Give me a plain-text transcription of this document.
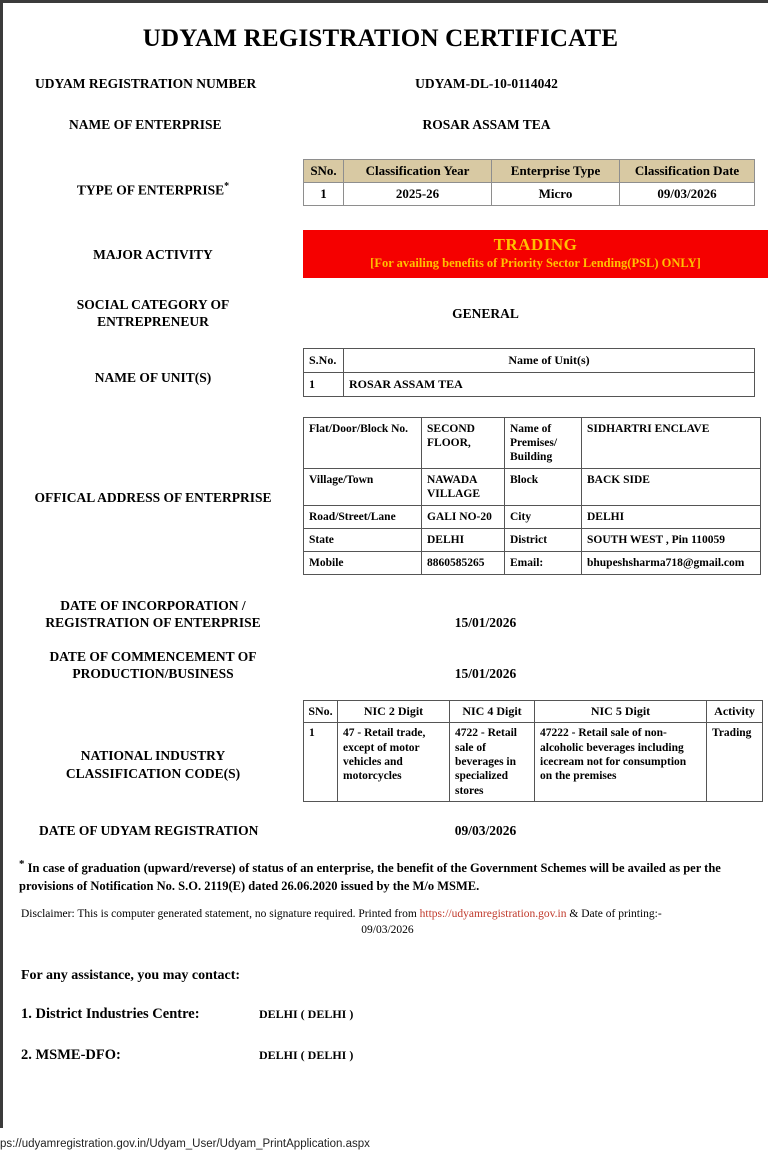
UDYAM REGISTRATION CERTIFICATE
UDYAM REGISTRATION NUMBER	UDYAM-DL-10-0114042
NAME OF ENTERPRISE	ROSAR ASSAM TEA
TYPE OF ENTERPRISE*
SNo.	Classification Year	Enterprise Type	Classification Date
1	2025-26	Micro	09/03/2026
MAJOR ACTIVITY
TRADING
[For availing benefits of Priority Sector Lending(PSL) ONLY]
SOCIAL CATEGORY OF
ENTREPRENEUR
GENERAL
NAME OF UNIT(S)
S.No.	Name of Unit(s)
1	ROSAR ASSAM TEA
OFFICAL ADDRESS OF ENTERPRISE
Flat/Door/Block No.	SECOND FLOOR,	Name of Premises/ Building	SIDHARTRI ENCLAVE
Village/Town	NAWADA VILLAGE	Block	BACK SIDE
Road/Street/Lane	GALI NO-20	City	DELHI
State	DELHI	District	SOUTH WEST , Pin 110059
Mobile	8860585265	Email:	bhupeshsharma718@gmail.com
DATE OF INCORPORATION /
REGISTRATION OF ENTERPRISE	15/01/2026
DATE OF COMMENCEMENT OF
PRODUCTION/BUSINESS	15/01/2026
NATIONAL INDUSTRY
CLASSIFICATION CODE(S)
SNo.	NIC 2 Digit	NIC 4 Digit	NIC 5 Digit	Activity
1	47 - Retail trade, except of motor vehicles and motorcycles	4722 - Retail sale of beverages in specialized stores	47222 - Retail sale of non-alcoholic beverages including icecream not for consumption on the premises	Trading
DATE OF UDYAM REGISTRATION	09/03/2026
* In case of graduation (upward/reverse) of status of an enterprise, the benefit of the Government Schemes will be availed as per the provisions of Notification No. S.O. 2119(E) dated 26.06.2020 issued by the M/o MSME.
Disclaimer: This is computer generated statement, no signature required. Printed from https://udyamregistration.gov.in & Date of printing:-
09/03/2026
For any assistance, you may contact:
1. District Industries Centre:	DELHI ( DELHI )
2. MSME-DFO:	DELHI ( DELHI )
ps://udyamregistration.gov.in/Udyam_User/Udyam_PrintApplication.aspx
